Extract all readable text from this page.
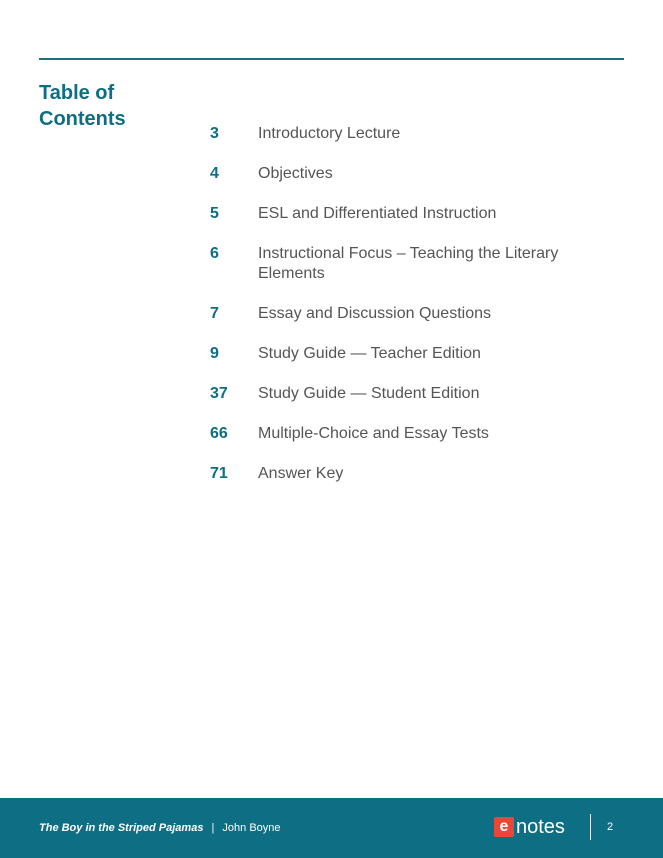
Table of
Contents
3	Introductory Lecture
4	Objectives
5	ESL and Differentiated Instruction
6	Instructional Focus – Teaching the Literary Elements
7	Essay and Discussion Questions
9	Study Guide — Teacher Edition
37	Study Guide — Student Edition
66	Multiple-Choice and Essay Tests
71	Answer Key
The Boy in the Striped Pajamas | John Boyne	e notes	2
